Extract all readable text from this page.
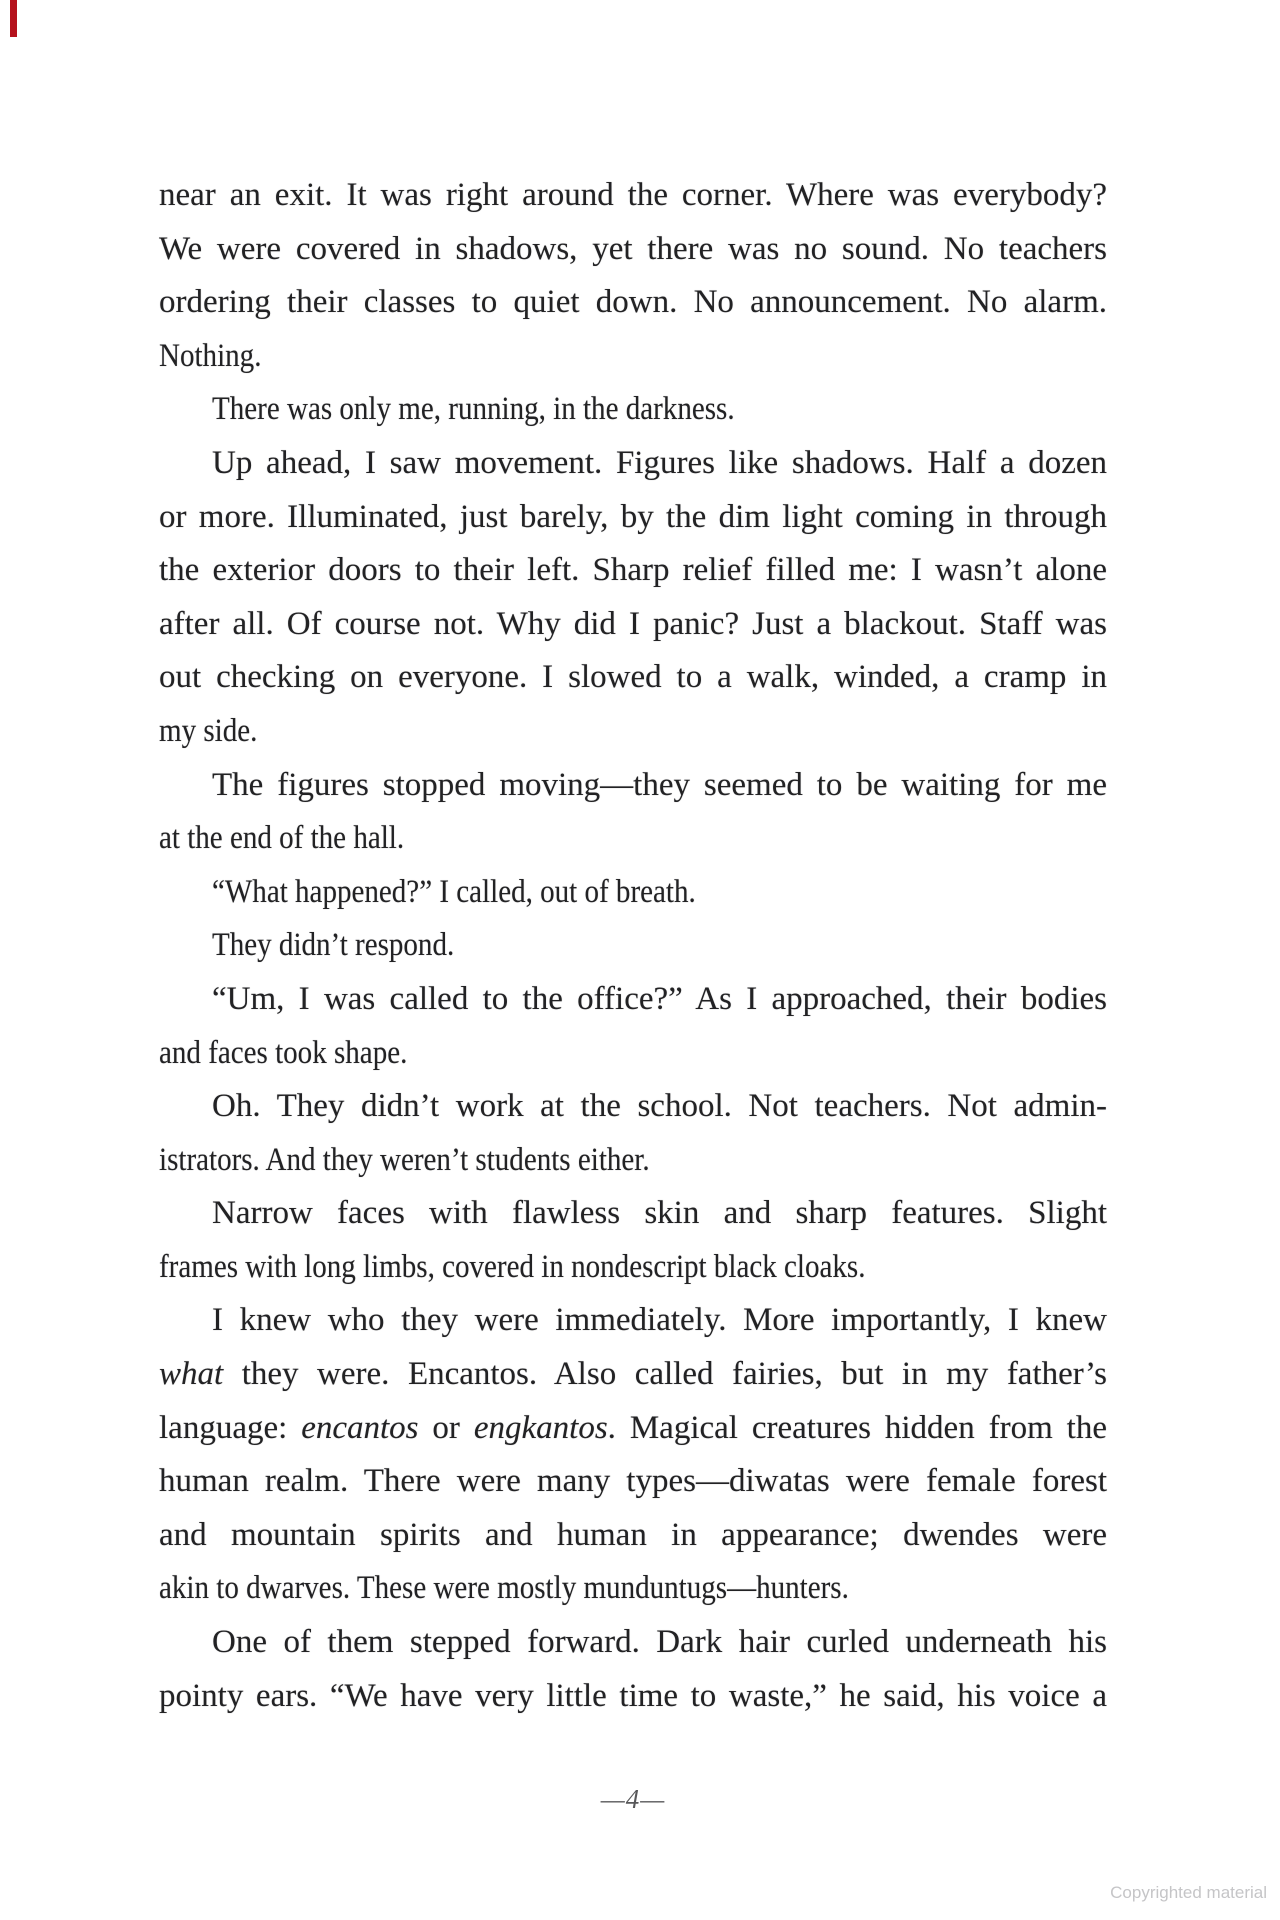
near an exit. It was right around the corner. Where was everybody?
We were covered in shadows, yet there was no sound. No teachers
ordering their classes to quiet down. No announcement. No alarm.
Nothing.
There was only me, running, in the darkness.
Up ahead, I saw movement. Figures like shadows. Half a dozen
or more. Illuminated, just barely, by the dim light coming in through
the exterior doors to their left. Sharp relief filled me: I wasn’t alone
after all. Of course not. Why did I panic? Just a blackout. Staff was
out checking on everyone. I slowed to a walk, winded, a cramp in
my side.
The figures stopped moving—they seemed to be waiting for me
at the end of the hall.
“What happened?” I called, out of breath.
They didn’t respond.
“Um, I was called to the office?” As I approached, their bodies
and faces took shape.
Oh. They didn’t work at the school. Not teachers. Not admin-
istrators. And they weren’t students either.
Narrow faces with flawless skin and sharp features. Slight
frames with long limbs, covered in nondescript black cloaks.
I knew who they were immediately. More importantly, I knew
what they were. Encantos. Also called fairies, but in my father’s
language: encantos or engkantos. Magical creatures hidden from the
human realm. There were many types—diwatas were female forest
and mountain spirits and human in appearance; dwendes were
akin to dwarves. These were mostly munduntugs—hunters.
One of them stepped forward. Dark hair curled underneath his
pointy ears. “We have very little time to waste,” he said, his voice a
—4—
Copyrighted material
